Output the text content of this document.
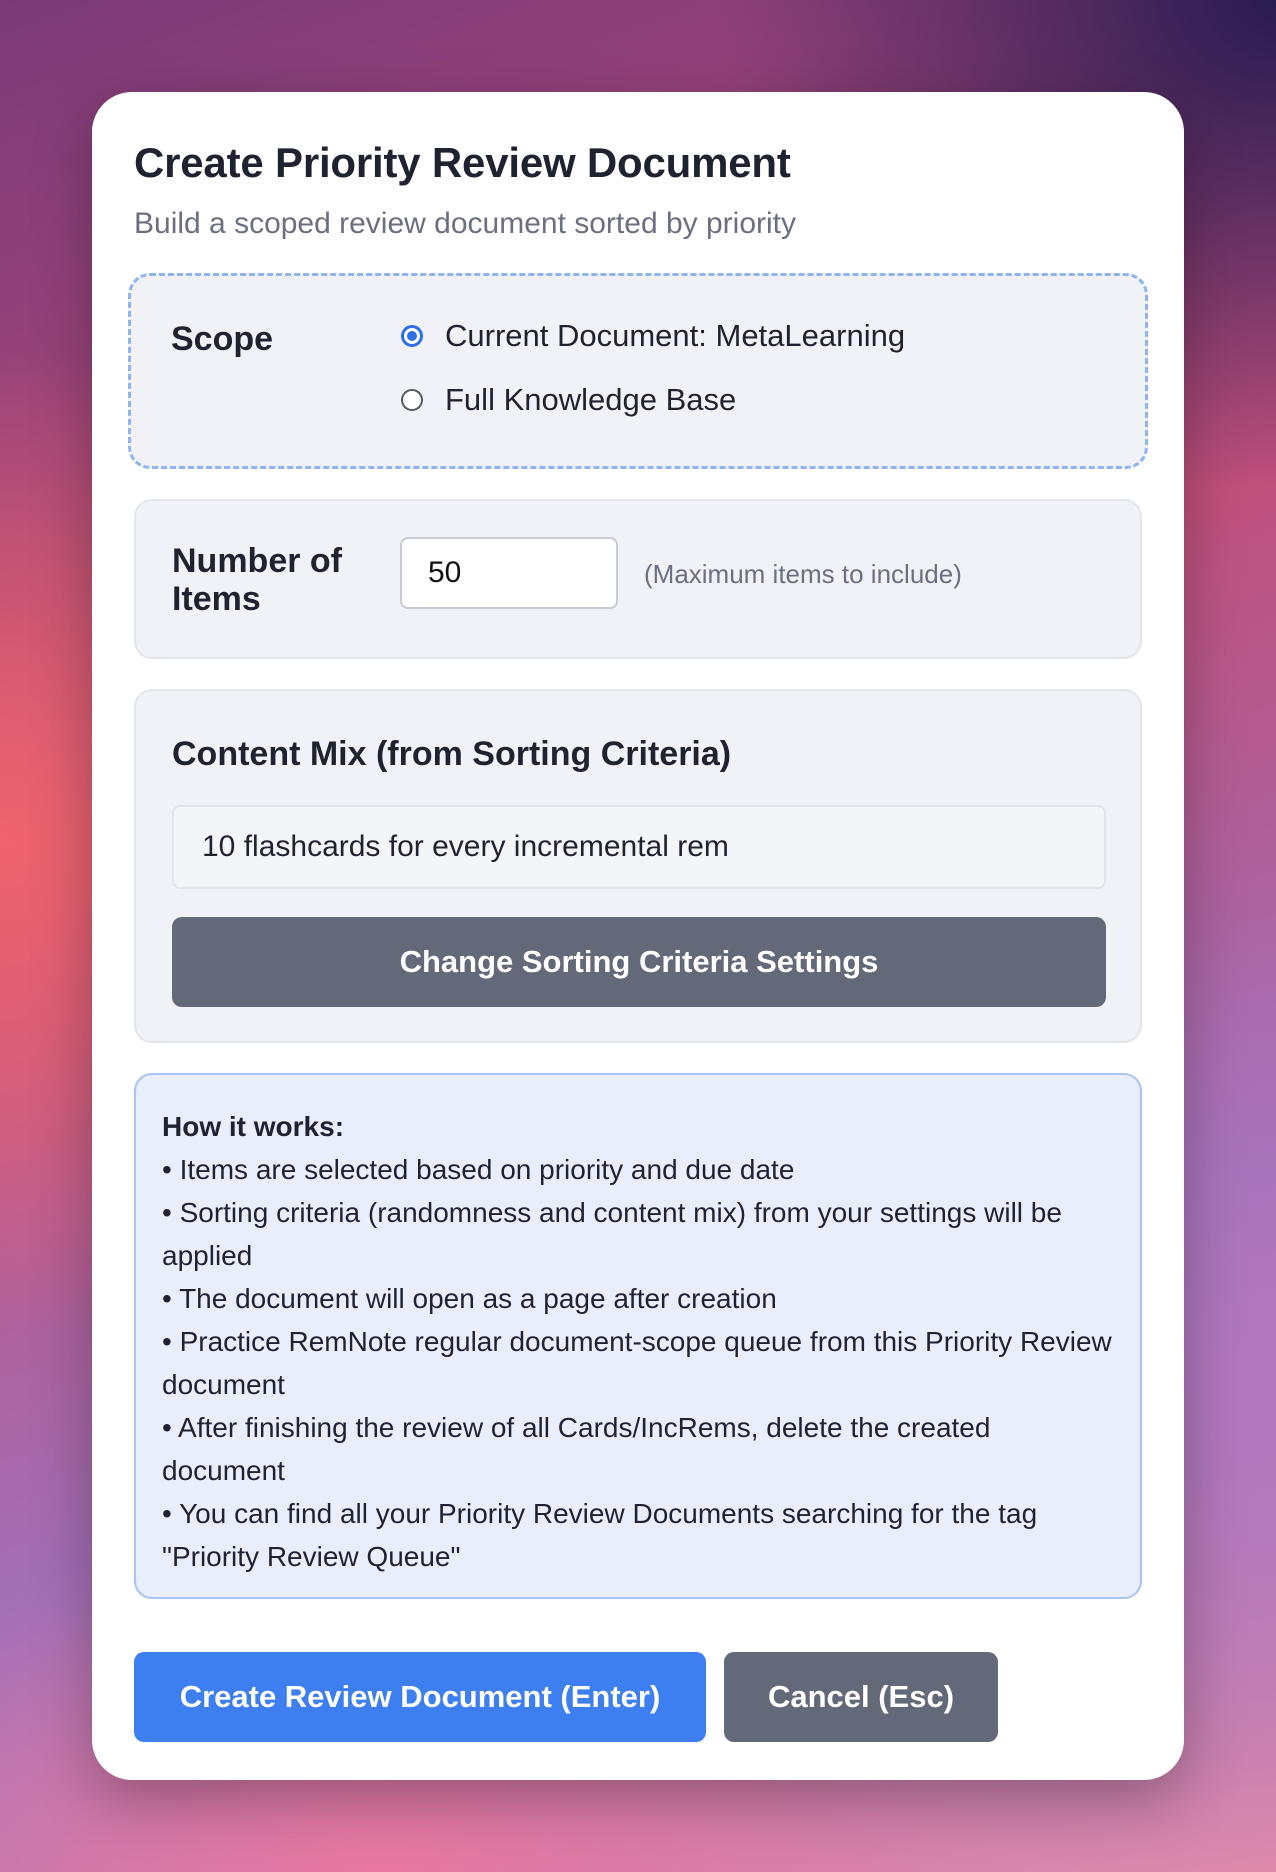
Create Priority Review Document
Build a scoped review document sorted by priority
Scope	Current Document: MetaLearning
Full Knowledge Base
Number of Items
50	(Maximum items to include)
Content Mix (from Sorting Criteria)
10 flashcards for every incremental rem
Change Sorting Criteria Settings
How it works:
• Items are selected based on priority and due date
• Sorting criteria (randomness and content mix) from your settings will be applied
• The document will open as a page after creation
• Practice RemNote regular document-scope queue from this Priority Review document
• After finishing the review of all Cards/IncRems, delete the created document
• You can find all your Priority Review Documents searching for the tag "Priority Review Queue"
Create Review Document (Enter)	Cancel (Esc)
